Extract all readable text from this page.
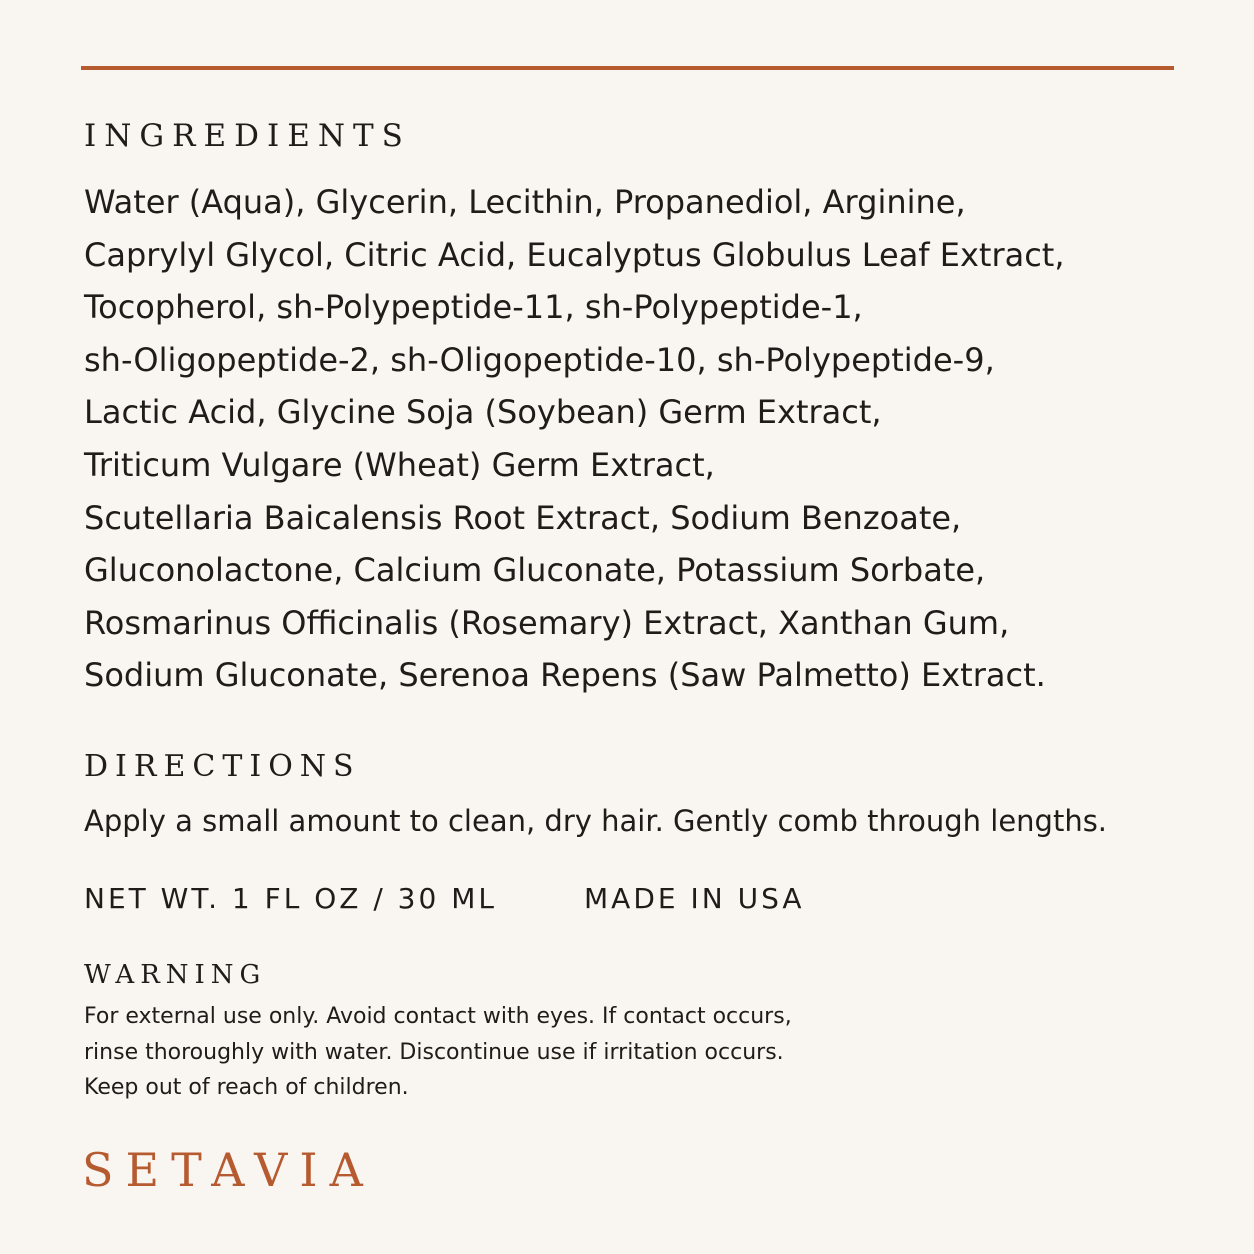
INGREDIENTS
Water (Aqua), Glycerin, Lecithin, Propanediol, Arginine,
Caprylyl Glycol, Citric Acid, Eucalyptus Globulus Leaf Extract,
Tocopherol, sh-Polypeptide-11, sh-Polypeptide-1,
sh-Oligopeptide-2, sh-Oligopeptide-10, sh-Polypeptide-9,
Lactic Acid, Glycine Soja (Soybean) Germ Extract,
Triticum Vulgare (Wheat) Germ Extract,
Scutellaria Baicalensis Root Extract, Sodium Benzoate,
Gluconolactone, Calcium Gluconate, Potassium Sorbate,
Rosmarinus Officinalis (Rosemary) Extract, Xanthan Gum,
Sodium Gluconate, Serenoa Repens (Saw Palmetto) Extract.
DIRECTIONS
Apply a small amount to clean, dry hair. Gently comb through lengths.
NET WT. 1 FL OZ / 30 ML	MADE IN USA
WARNING
For external use only. Avoid contact with eyes. If contact occurs,
rinse thoroughly with water. Discontinue use if irritation occurs.
Keep out of reach of children.
SETAVIA
